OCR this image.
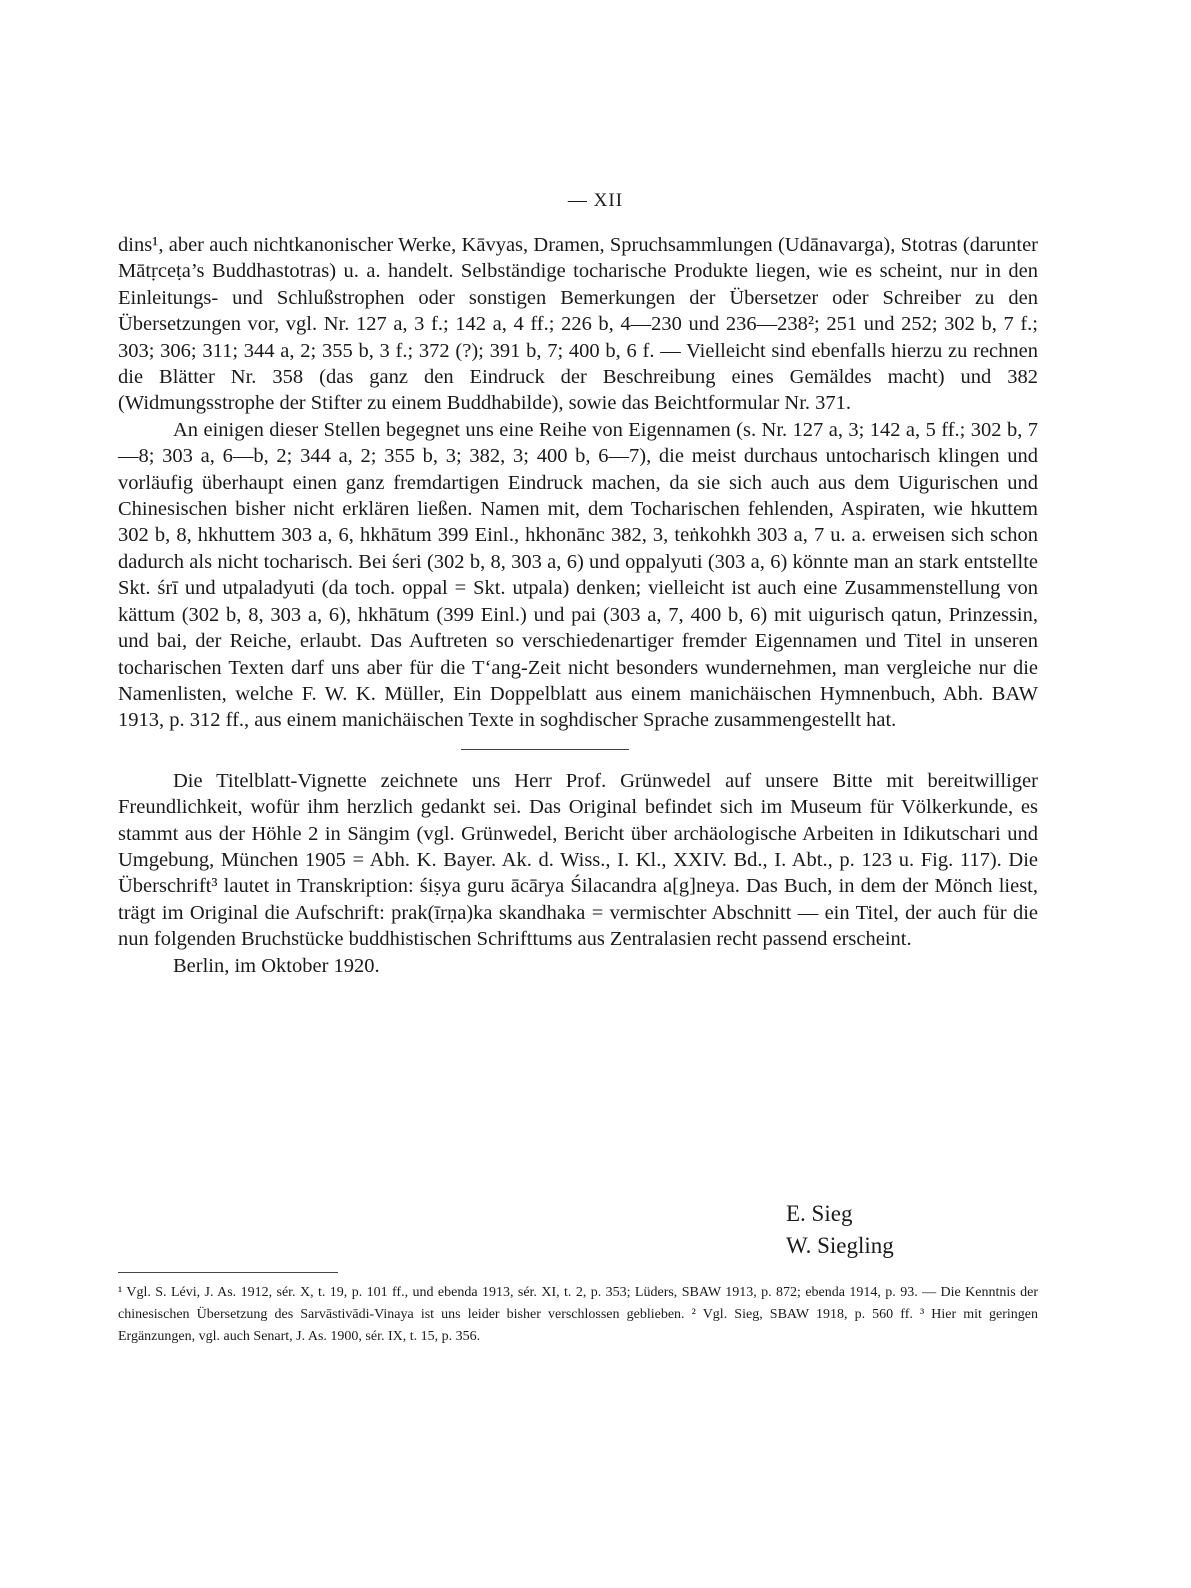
— XII

dins¹, aber auch nichtkanonischer Werke, Kāvyas, Dramen, Spruchsammlungen (Udānavarga), Stotras (darunter Mātṛceṭa’s Buddhastotras) u. a. handelt. Selbständige tocharische Produkte liegen, wie es scheint, nur in den Einleitungs- und Schlußstrophen oder sonstigen Bemerkungen der Übersetzer oder Schreiber zu den Übersetzungen vor, vgl. Nr. 127 a, 3 f.; 142 a, 4 ff.; 226 b, 4—230 und 236—238²; 251 und 252; 302 b, 7 f.; 303; 306; 311; 344 a, 2; 355 b, 3 f.; 372 (?); 391 b, 7; 400 b, 6 f. — Vielleicht sind ebenfalls hierzu zu rechnen die Blätter Nr. 358 (das ganz den Eindruck der Beschreibung eines Gemäldes macht) und 382 (Widmungsstrophe der Stifter zu einem Buddhabilde), sowie das Beichtformular Nr. 371.

An einigen dieser Stellen begegnet uns eine Reihe von Eigennamen (s. Nr. 127 a, 3; 142 a, 5 ff.; 302 b, 7—8; 303 a, 6—b, 2; 344 a, 2; 355 b, 3; 382, 3; 400 b, 6—7), die meist durchaus untocharisch klingen und vorläufig überhaupt einen ganz fremdartigen Eindruck machen, da sie sich auch aus dem Uigurischen und Chinesischen bisher nicht erklären ließen. Namen mit, dem Tocharischen fehlenden, Aspiraten, wie hkuttem 302 b, 8, hkhuttem 303 a, 6, hkhātum 399 Einl., hkhonānc 382, 3, teṅkohkh 303 a, 7 u. a. erweisen sich schon dadurch als nicht tocharisch. Bei śeri (302 b, 8, 303 a, 6) und oppalyuti (303 a, 6) könnte man an stark entstellte Skt. śrī und utpaladyuti (da toch. oppal = Skt. utpala) denken; vielleicht ist auch eine Zusammenstellung von kättum (302 b, 8, 303 a, 6), hkhātum (399 Einl.) und pai (303 a, 7, 400 b, 6) mit uigurisch qatun, Prinzessin, und bai, der Reiche, erlaubt. Das Auftreten so verschiedenartiger fremder Eigennamen und Titel in unseren tocharischen Texten darf uns aber für die Tʻang-Zeit nicht besonders wundernehmen, man vergleiche nur die Namenlisten, welche F. W. K. Müller, Ein Doppelblatt aus einem manichäischen Hymnenbuch, Abh. BAW 1913, p. 312 ff., aus einem manichäischen Texte in soghdischer Sprache zusammengestellt hat.

Die Titelblatt-Vignette zeichnete uns Herr Prof. Grünwedel auf unsere Bitte mit bereitwilliger Freundlichkeit, wofür ihm herzlich gedankt sei. Das Original befindet sich im Museum für Völkerkunde, es stammt aus der Höhle 2 in Sängim (vgl. Grünwedel, Bericht über archäologische Arbeiten in Idikutschari und Umgebung, München 1905 = Abh. K. Bayer. Ak. d. Wiss., I. Kl., XXIV. Bd., I. Abt., p. 123 u. Fig. 117). Die Überschrift³ lautet in Transkription: śiṣya guru ācārya Śilacandra a[g]neya. Das Buch, in dem der Mönch liest, trägt im Original die Aufschrift: prak(īrṇa)ka skandhaka = vermischter Abschnitt — ein Titel, der auch für die nun folgenden Bruchstücke buddhistischen Schrifttums aus Zentralasien recht passend erscheint.

Berlin, im Oktober 1920.

E. Sieg
W. Siegling

¹ Vgl. S. Lévi, J. As. 1912, sér. X, t. 19, p. 101 ff., und ebenda 1913, sér. XI, t. 2, p. 353; Lüders, SBAW 1913, p. 872; ebenda 1914, p. 93. — Die Kenntnis der chinesischen Übersetzung des Sarvāstivādi-Vinaya ist uns leider bisher verschlossen geblieben. ² Vgl. Sieg, SBAW 1918, p. 560 ff. ³ Hier mit geringen Ergänzungen, vgl. auch Senart, J. As. 1900, sér. IX, t. 15, p. 356.
